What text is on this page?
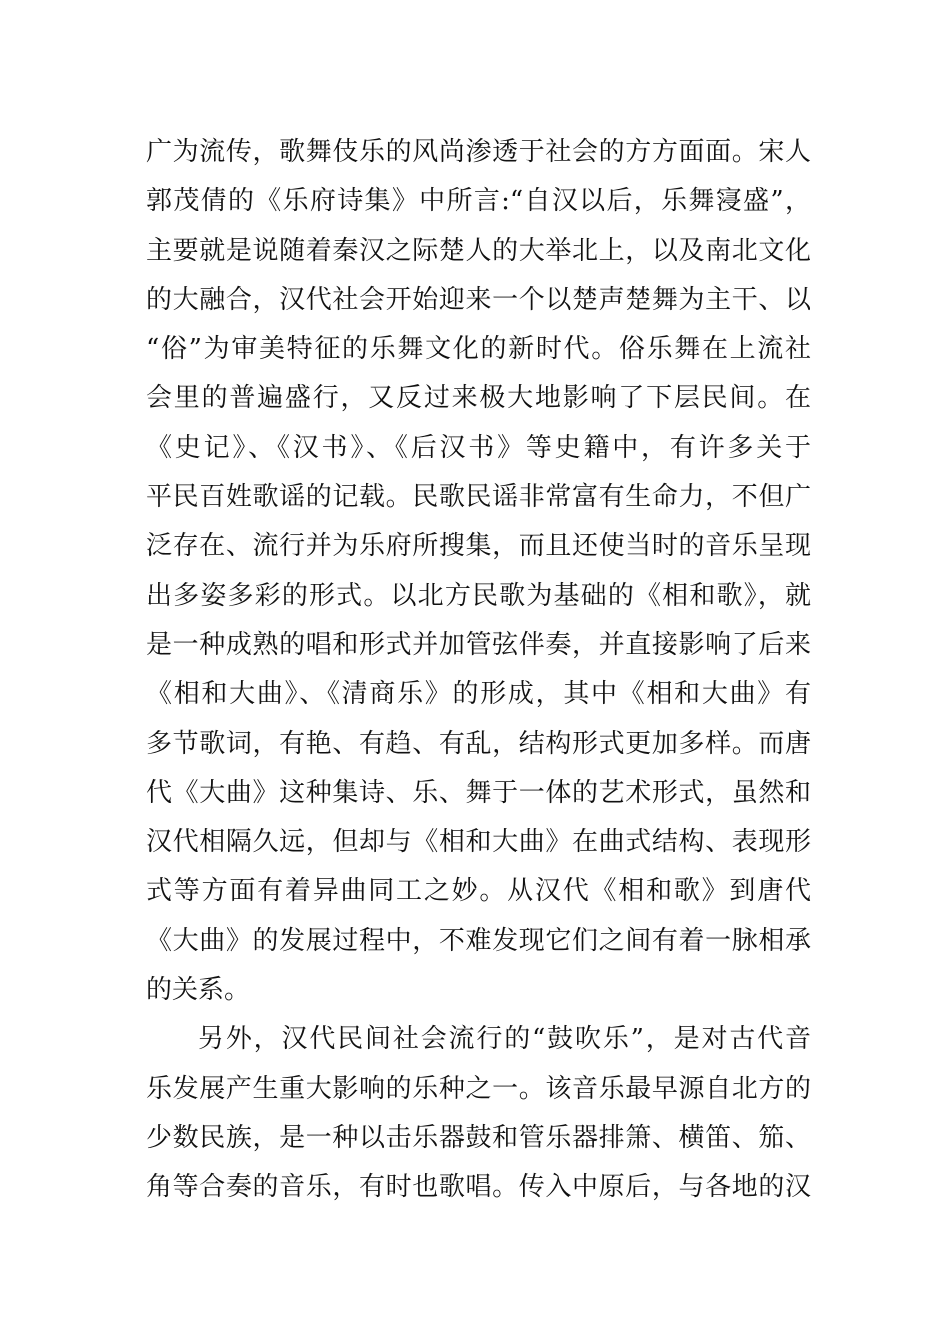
广为流传，歌舞伎乐的风尚渗透于社会的方方面面。宋人
郭茂倩的《乐府诗集》中所言:“自汉以后，乐舞寖盛”，
主要就是说随着秦汉之际楚人的大举北上，以及南北文化
的大融合，汉代社会开始迎来一个以楚声楚舞为主干、以
“俗”为审美特征的乐舞文化的新时代。俗乐舞在上流社
会里的普遍盛行，又反过来极大地影响了下层民间。在
《史记》、《汉书》、《后汉书》等史籍中，有许多关于
平民百姓歌谣的记载。民歌民谣非常富有生命力，不但广
泛存在、流行并为乐府所搜集，而且还使当时的音乐呈现
出多姿多彩的形式。以北方民歌为基础的《相和歌》，就
是一种成熟的唱和形式并加管弦伴奏，并直接影响了后来
《相和大曲》、《清商乐》的形成，其中《相和大曲》有
多节歌词，有艳、有趋、有乱，结构形式更加多样。而唐
代《大曲》这种集诗、乐、舞于一体的艺术形式，虽然和
汉代相隔久远，但却与《相和大曲》在曲式结构、表现形
式等方面有着异曲同工之妙。从汉代《相和歌》到唐代
《大曲》的发展过程中，不难发现它们之间有着一脉相承
的关系。
另外，汉代民间社会流行的“鼓吹乐”，是对古代音
乐发展产生重大影响的乐种之一。该音乐最早源自北方的
少数民族，是一种以击乐器鼓和管乐器排箫、横笛、笳、
角等合奏的音乐，有时也歌唱。传入中原后，与各地的汉
